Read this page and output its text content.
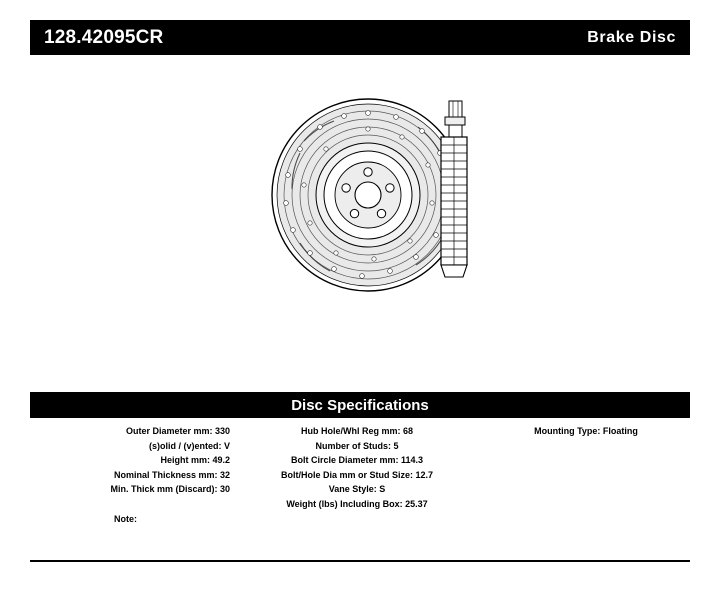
128.42095CR	Brake Disc
Disc Specifications
Outer Diameter mm: 330
(s)olid / (v)ented: V
Height mm: 49.2
Nominal Thickness mm: 32
Min. Thick mm (Discard): 30
Hub Hole/Whl Reg mm: 68
Number of Studs: 5
Bolt Circle Diameter mm: 114.3
Bolt/Hole Dia mm or Stud Size: 12.7
Vane Style: S
Weight (lbs) Including Box: 25.37
Mounting Type: Floating
Note:
